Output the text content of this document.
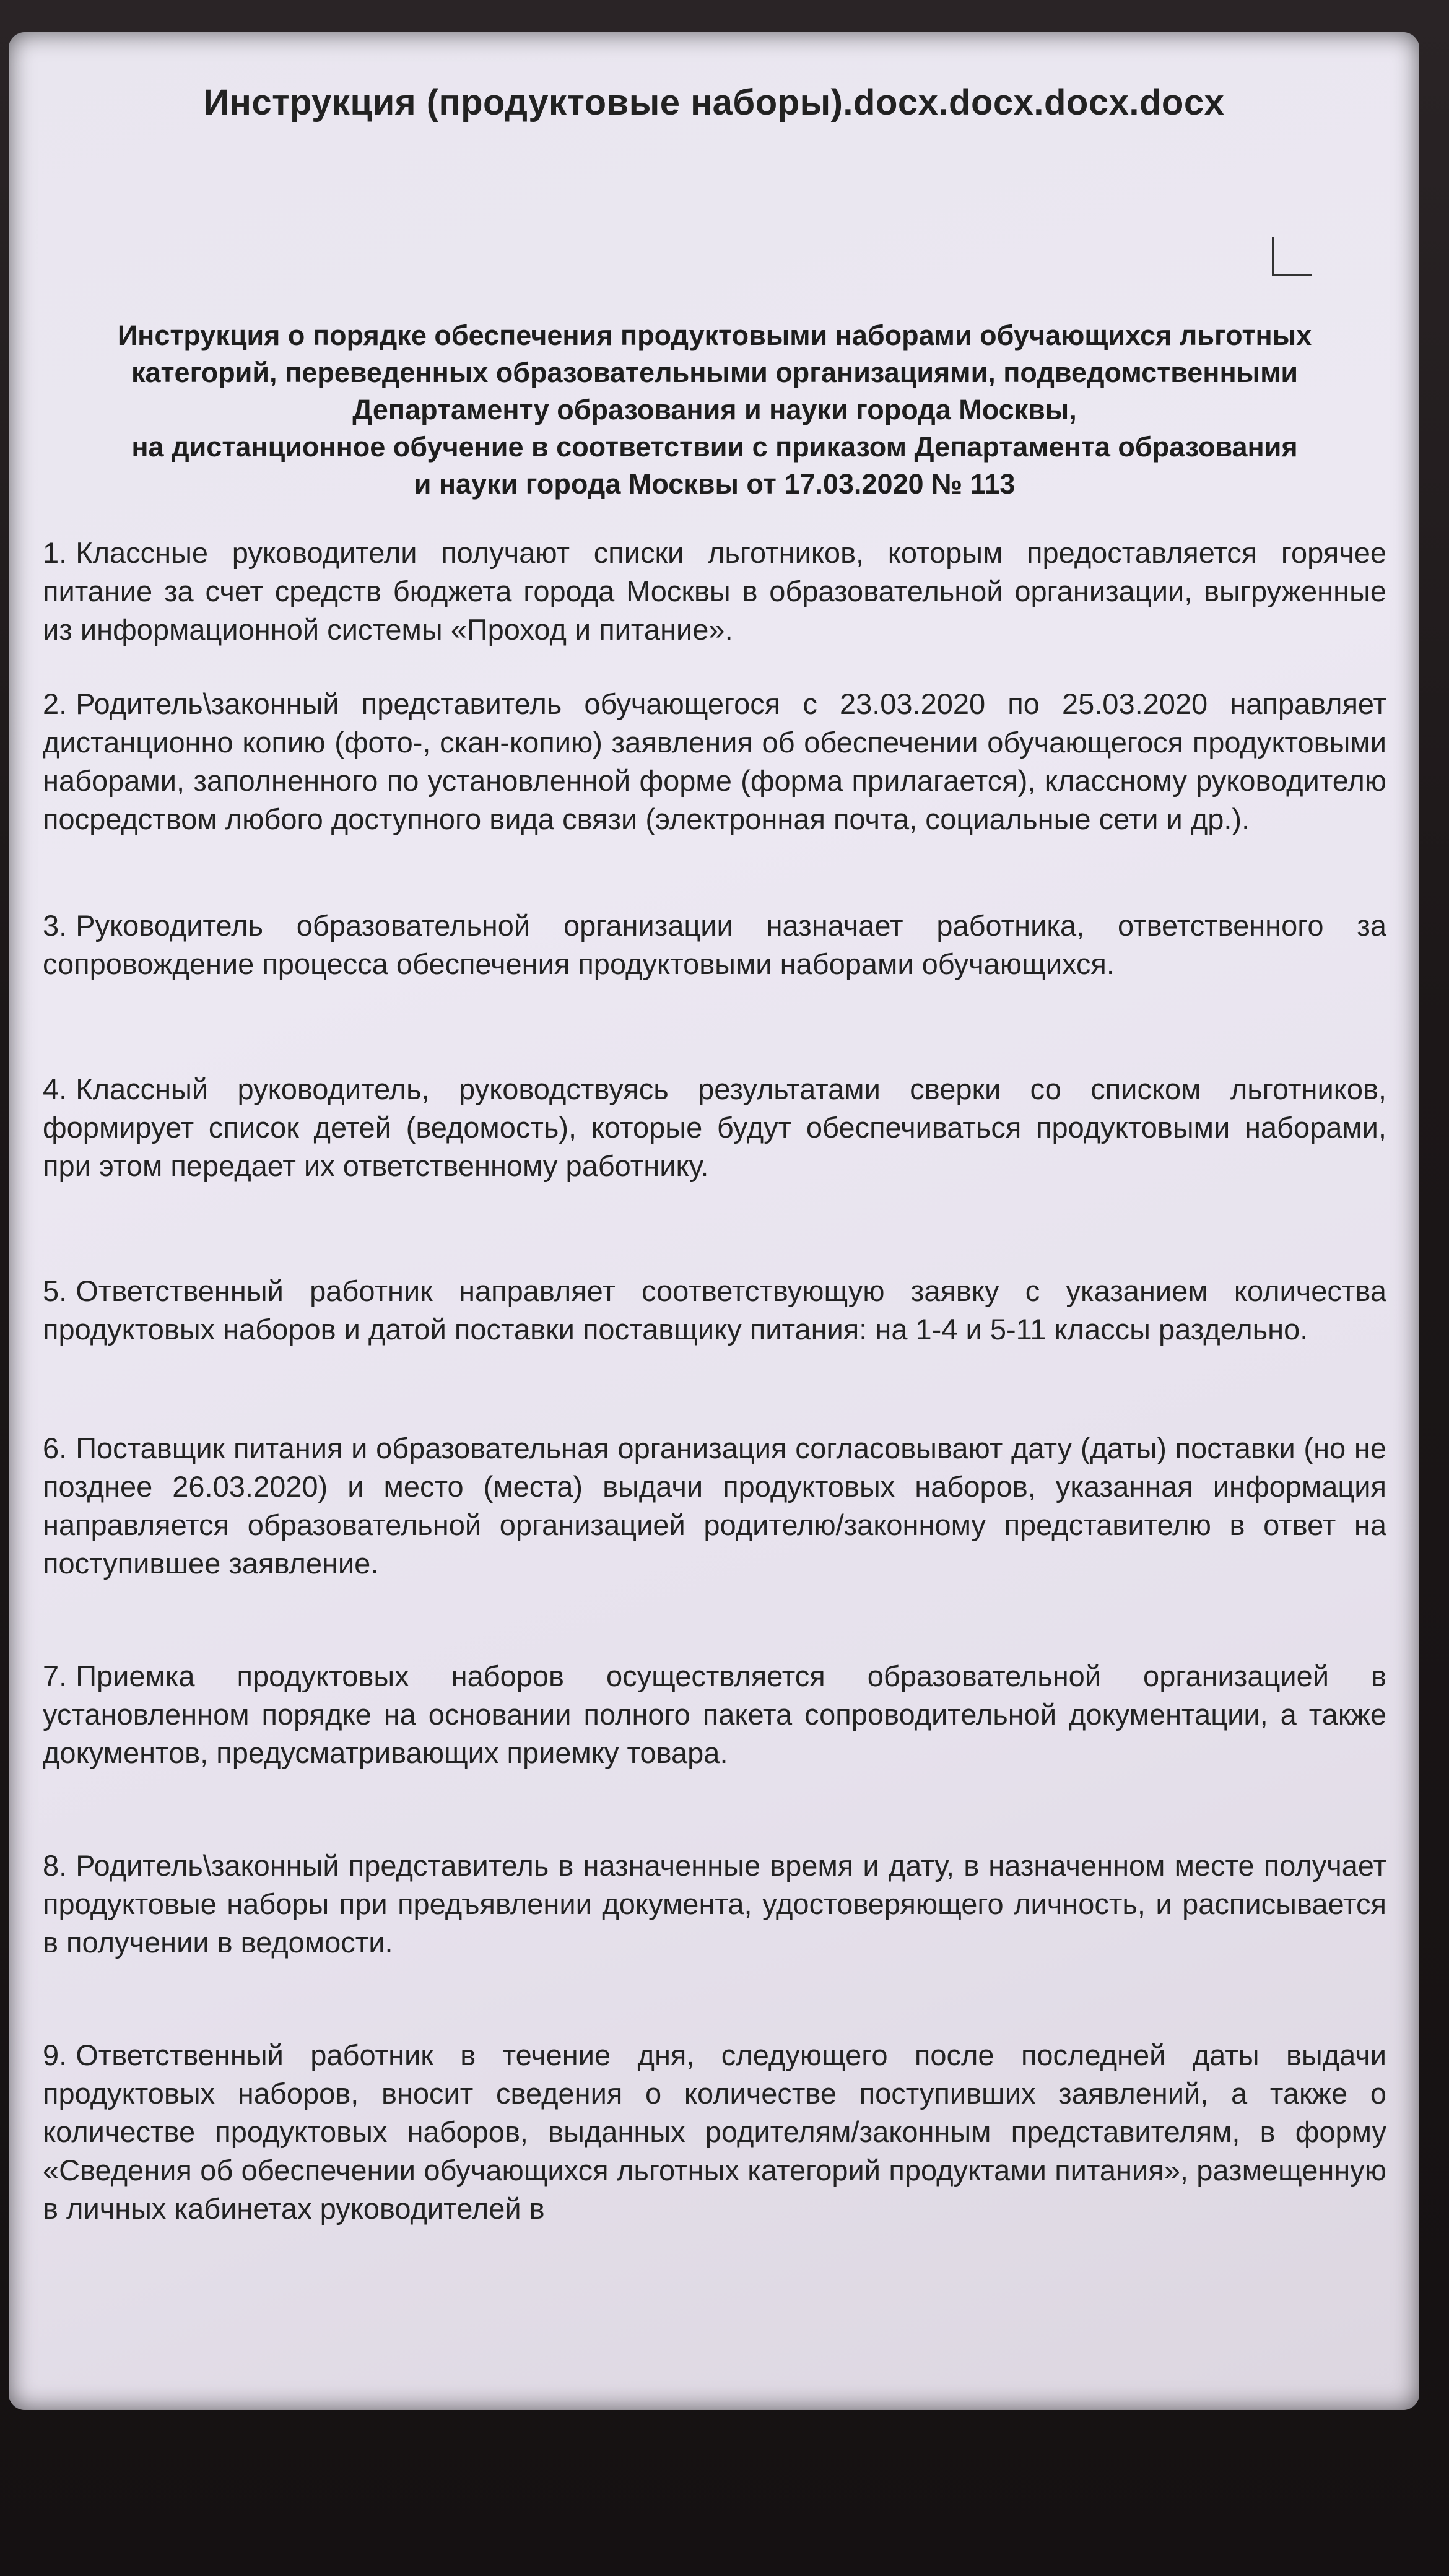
Инструкция (продуктовые наборы).docx.docx.docx.docx
Инструкция о порядке обеспечения продуктовыми наборами обучающихся льготных
категорий, переведенных образовательными организациями, подведомственными
Департаменту образования и науки города Москвы,
на дистанционное обучение в соответствии с приказом Департамента образования
и науки города Москвы от 17.03.2020 № 113

1. Классные руководители получают списки льготников, которым предоставляется горячее питание за счет средств бюджета города Москвы в образовательной организации, выгруженные из информационной системы «Проход и питание».

2. Родитель\законный представитель обучающегося с 23.03.2020 по 25.03.2020 направляет дистанционно копию (фото-, скан-копию) заявления об обеспечении обучающегося продуктовыми наборами, заполненного по установленной форме (форма прилагается), классному руководителю посредством любого доступного вида связи (электронная почта, социальные сети и др.).

3. Руководитель образовательной организации назначает работника, ответственного за сопровождение процесса обеспечения продуктовыми наборами обучающихся.

4. Классный руководитель, руководствуясь результатами сверки со списком льготников, формирует список детей (ведомость), которые будут обеспечиваться продуктовыми наборами, при этом передает их ответственному работнику.

5. Ответственный работник направляет соответствующую заявку с указанием количества продуктовых наборов и датой поставки поставщику питания: на 1-4 и 5-11 классы раздельно.

6. Поставщик питания и образовательная организация согласовывают дату (даты) поставки (но не позднее 26.03.2020) и место (места) выдачи продуктовых наборов, указанная информация направляется образовательной организацией родителю/законному представителю в ответ на поступившее заявление.

7. Приемка продуктовых наборов осуществляется образовательной организацией в установленном порядке на основании полного пакета сопроводительной документации, а также документов, предусматривающих приемку товара.

8. Родитель\законный представитель в назначенные время и дату, в назначенном месте получает продуктовые наборы при предъявлении документа, удостоверяющего личность, и расписывается в получении в ведомости.

9. Ответственный работник в течение дня, следующего после последней даты выдачи продуктовых наборов, вносит сведения о количестве поступивших заявлений, а также о количестве продуктовых наборов, выданных родителям/законным представителям, в форму «Сведения об обеспечении обучающихся льготных категорий продуктами питания», размещенную в личных кабинетах руководителей в
